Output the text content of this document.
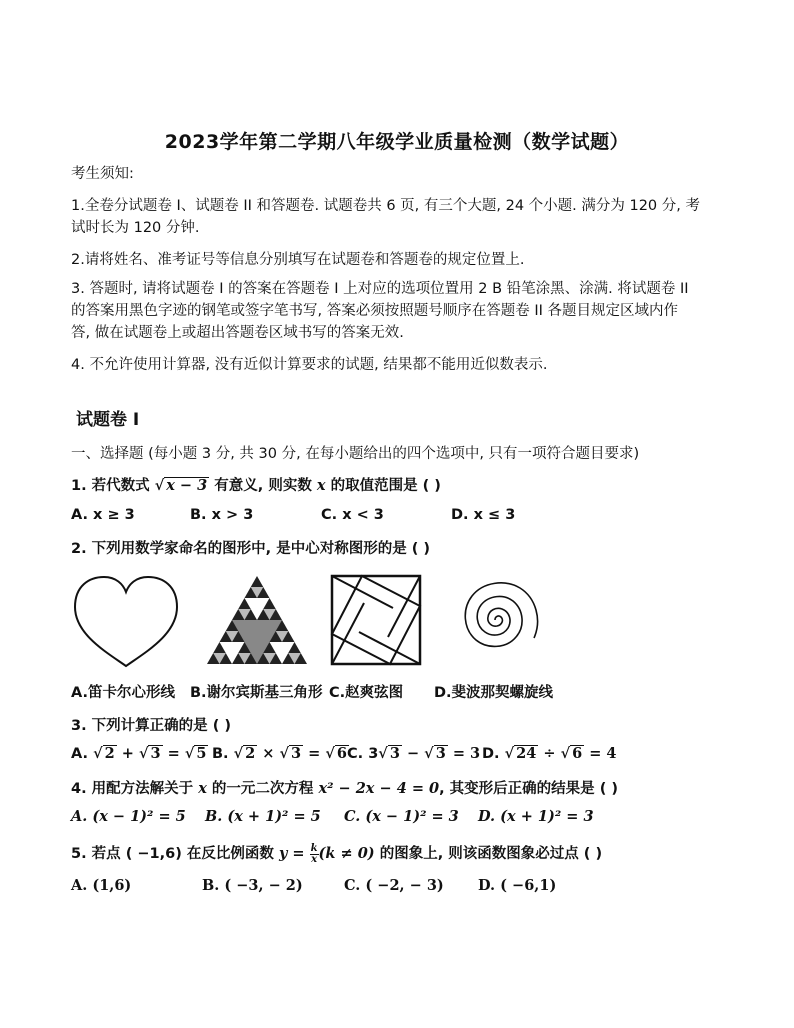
2023学年第二学期八年级学业质量检测（数学试题）
考生须知:
1.全卷分试题卷 I、试题卷 II 和答题卷. 试题卷共 6 页, 有三个大题, 24 个小题. 满分为 120 分, 考
试时长为 120 分钟.
2.请将姓名、准考证号等信息分别填写在试题卷和答题卷的规定位置上.
3. 答题时, 请将试题卷 I 的答案在答题卷 I 上对应的选项位置用 2 B 铅笔涂黑、涂满. 将试题卷 II
的答案用黑色字迹的钢笔或签字笔书写, 答案必须按照题号顺序在答题卷 II 各题目规定区域内作
答, 做在试题卷上或超出答题卷区域书写的答案无效.
4. 不允许使用计算器, 没有近似计算要求的试题, 结果都不能用近似数表示.
试题卷 I
一、选择题 (每小题 3 分, 共 30 分, 在每小题给出的四个选项中, 只有一项符合题目要求)
1. 若代数式 √ x − 3 有意义, 则实数 x 的取值范围是 ( )
A. x ≥ 3	B. x > 3	C. x < 3	D. x ≤ 3
2. 下列用数学家命名的图形中, 是中心对称图形的是 ( )
A.笛卡尔心形线 B.谢尔宾斯基三角形 C.赵爽弦图 D.斐波那契螺旋线
3. 下列计算正确的是 ( )
A. √ 2 + √ 3 = √ 5 B. √ 2 × √ 3 = √ 6 C. 3√ 3 − √ 3 = 3 D. √ 24 ÷ √ 6 = 4
4. 用配方法解关于 x 的一元二次方程 x² − 2x − 4 = 0, 其变形后正确的结果是 ( )
A. (x − 1)² = 5 B. (x + 1)² = 5 C. (x − 1)² = 3 D. (x + 1)² = 3
5. 若点 ( −1,6) 在反比例函数 $y = \frac{k}{x} (k \ne 0)$ 的图象上, 则该函数图象必过点 ( )
A. (1,6)	B. ( −3, − 2)	C. ( −2, − 3) D. ( −6,1)
